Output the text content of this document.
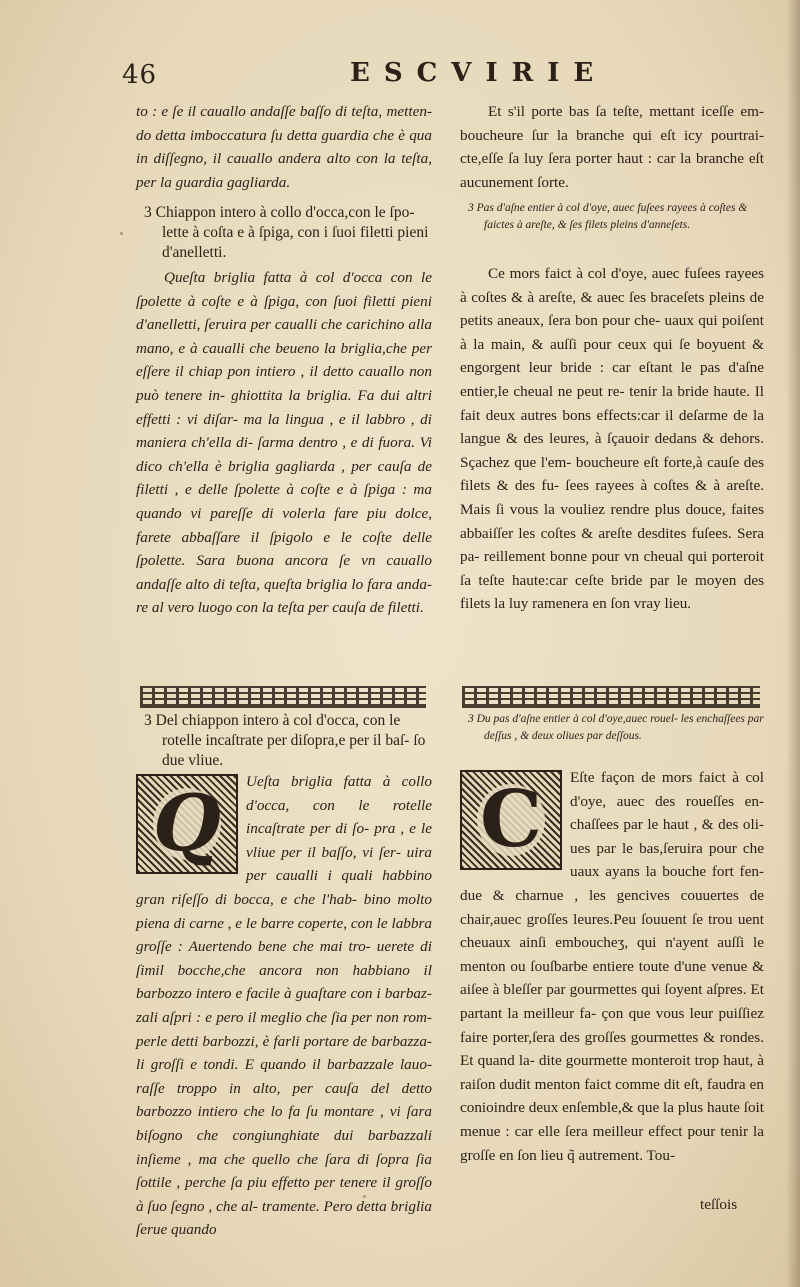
46	ESCVIRIE

to : e ſe il cauallo andaſſe baſſo di teſta, metten‑ do detta imboccatura ſu detta guardia che è qua in diſſegno, il cauallo andera alto con la teſta, per la guardia gagliarda.

3 Chiappon intero à collo d'occa,con le ſpo‑ lette à coſta e à ſpiga, con i ſuoi filetti pieni d'anelletti.

Queſta briglia fatta à col d'occa con le ſpolette à coſte e à ſpiga, con ſuoi filetti pieni d'anelletti, ſeruira per caualli che carichino alla mano, e à caualli che beueno la briglia,che per eſſere il chiap pon intiero , il detto cauallo non può tenere in‑ ghiottita la briglia. Fa dui altri effetti : vi diſar‑ ma la lingua , e il labbro , di maniera ch'ella di‑ ſarma dentro , e di fuora. Vi dico ch'ella è briglia gagliarda , per cauſa de filetti , e delle ſpolette à coſte e à ſpiga : ma quando vi pareſſe di volerla fare piu dolce, farete abbaſſare il ſpigolo e le coſte delle ſpolette. Sara buona ancora ſe vn cauallo andaſſe alto di teſta, queſta briglia lo fara anda‑ re al vero luogo con la teſta per cauſa de filetti.

3 Del chiappon intero à col d'occa, con le rotelle incaſtrate per diſopra,e per il baſ‑ ſo due vliue.

Q	Ueſta briglia fatta à collo d'occa, con le rotelle incaſtrate per di ſo‑ pra , e le vliue per il baſſo, vi ſer‑ uira per caualli i quali habbino gran riſeſſo di bocca, e che l'hab‑ bino molto piena di carne , e le barre coperte, con le labbra groſſe : Auertendo bene che mai tro‑ uerete di ſimil bocche,che ancora non habbiano il barbozzo intero e facile à guaſtare con i barbaz‑ zali aſpri : e pero il meglio che ſia per non rom‑ perle detti barbozzi, è farli portare de barbazza‑ li groſſi e tondi. E quando il barbazzale lauo‑ raſſe troppo in alto, per cauſa del detto barbozzo intiero che lo fa ſu montare , vi ſara biſogno che congiunghiate dui barbazzali inſieme , ma che quello che ſara di ſopra ſia ſottile , perche ſa piu effetto per tenere il groſſo à ſuo ſegno , che al‑ tramente. Pero detta briglia ſerue quando

Et s'il porte bas ſa teſte, mettant iceſſe em‑ boucheure ſur la branche qui eſt icy pourtrai‑ cte,eſſe ſa luy ſera porter haut : car la branche eſt aucunement ſorte.

3 Pas d'aſne entier à col d'oye, auec fuſees rayees à coſtes & faictes à areſte, & ſes filets pleins d'anneſets.

Ce mors faict à col d'oye, auec fuſees rayees à coſtes & à areſte, & auec ſes braceſets pleins de petits aneaux, ſera bon pour che‑ uaux qui poiſent à la main, & auſſi pour ceux qui ſe boyuent & engorgent leur bride : car eſtant le pas d'aſne entier,le cheual ne peut re‑ tenir la bride haute. Il fait deux autres bons effects:car il deſarme de la langue & des leures, à ſçauoir dedans & dehors. Sçachez que l'em‑ boucheure eſt forte,à cauſe des filets & des fu‑ ſees rayees à coſtes & à areſte. Mais ſi vous la vouliez rendre plus douce, faites abbaiſſer les coſtes & areſte desdites fuſees. Sera pa‑ reillement bonne pour vn cheual qui porteroit ſa teſte haute:car ceſte bride par le moyen des filets la luy ramenera en ſon vray lieu.

3 Du pas d'aſne entier à col d'oye,auec rouel‑ les enchaſſees par deſſus , & deux oliues par deſſous.

C	Eſte façon de mors faict à col d'oye, auec des roueſſes en‑ chaſſees par le haut , & des oli‑ ues par le bas,ſeruira pour che uaux ayans la bouche fort fen‑ due & charnue , les gencives couuertes de chair,auec groſſes leures.Peu ſouuent ſe trou uent cheuaux ainſi emboucheʒ, qui n'ayent auſſi le menton ou ſouſbarbe entiere toute d'une venue & aiſee à bleſſer par gourmettes qui ſoyent aſpres. Et partant la meilleur fa‑ çon que vous leur puiſſiez faire porter,ſera des groſſes gourmettes & rondes. Et quand la‑ dite gourmette monteroit trop haut, à raiſon dudit menton faict comme dit eſt, faudra en conioindre deux enſemble,& que la plus haute ſoit menue : car elle ſera meilleur effect pour tenir la groſſe en ſon lieu q̃ autrement. Tou‑

teſſois
